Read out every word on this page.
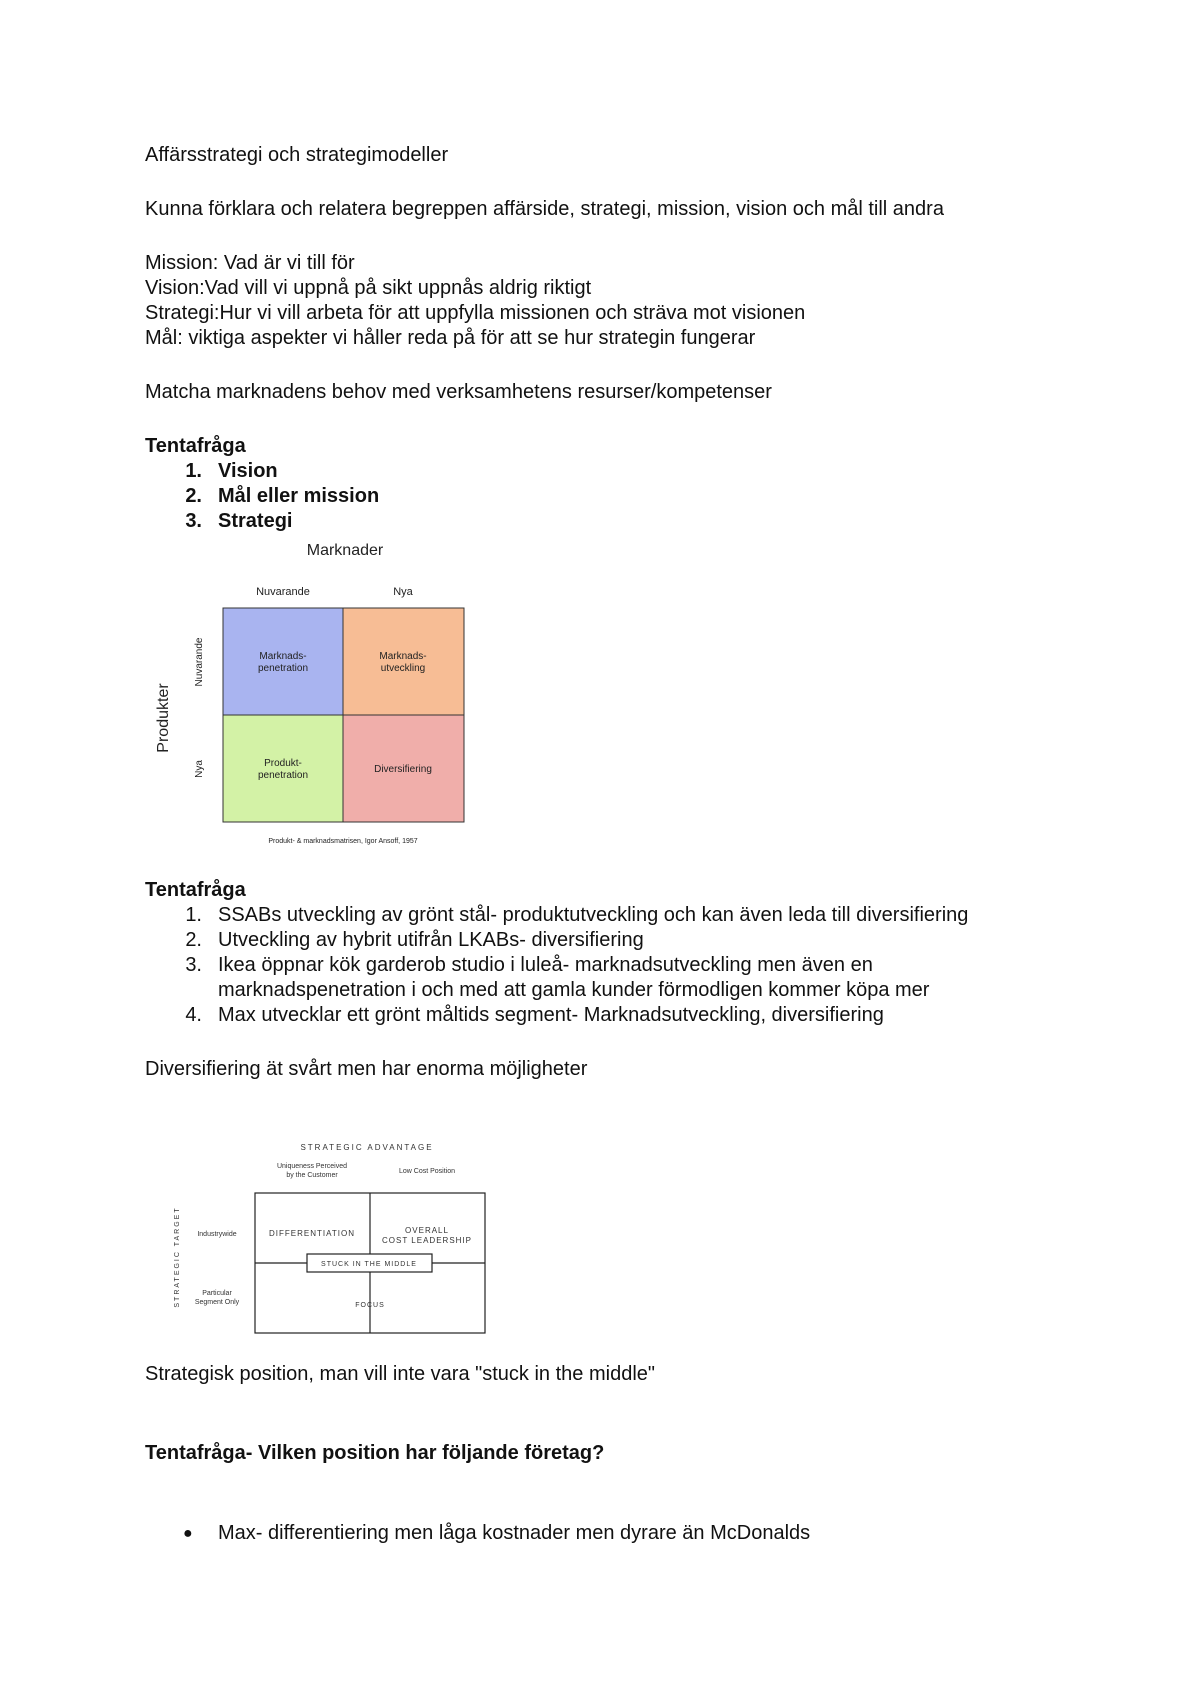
Affärsstrategi och strategimodeller
Kunna förklara och relatera begreppen affärside, strategi, mission, vision och mål till andra
Mission: Vad är vi till för
Vision:Vad vill vi uppnå på sikt uppnås aldrig riktigt
Strategi:Hur vi vill arbeta för att uppfylla missionen och sträva mot visionen
Mål: viktiga aspekter vi håller reda på för att se hur strategin fungerar
Matcha marknadens behov med verksamhetens resurser/kompetenser
Tentafråga
1. Vision
2. Mål eller mission
3. Strategi
Marknader
Nuvarande	Nya
Marknads-
penetration
Marknads-
utveckling
Produkt-
penetration
Diversifiering
Produkter
Nuvarande
Nya
Produkt- & marknadsmatrisen, Igor Ansoff, 1957
Tentafråga
1. SSABs utveckling av grönt stål- produktutveckling och kan även leda till diversifiering
2. Utveckling av hybrit utifrån LKABs- diversifiering
3. Ikea öppnar kök garderob studio i luleå- marknadsutveckling men även en
marknadspenetration i och med att gamla kunder förmodligen kommer köpa mer
4. Max utvecklar ett grönt måltids segment- Marknadsutveckling, diversifiering
Diversifiering ät svårt men har enorma möjligheter
STRATEGIC ADVANTAGE
Uniqueness Perceived
by the Customer
Low Cost Position
STRATEGIC TARGET Industrywide
Particular
Segment Only
DIFFERENTIATION	OVERALL
COST LEADERSHIP
STUCK IN THE MIDDLE
FOCUS
Strategisk position, man vill inte vara "stuck in the middle"
Tentafråga- Vilken position har följande företag?
● Max- differentiering men låga kostnader men dyrare än McDonalds
